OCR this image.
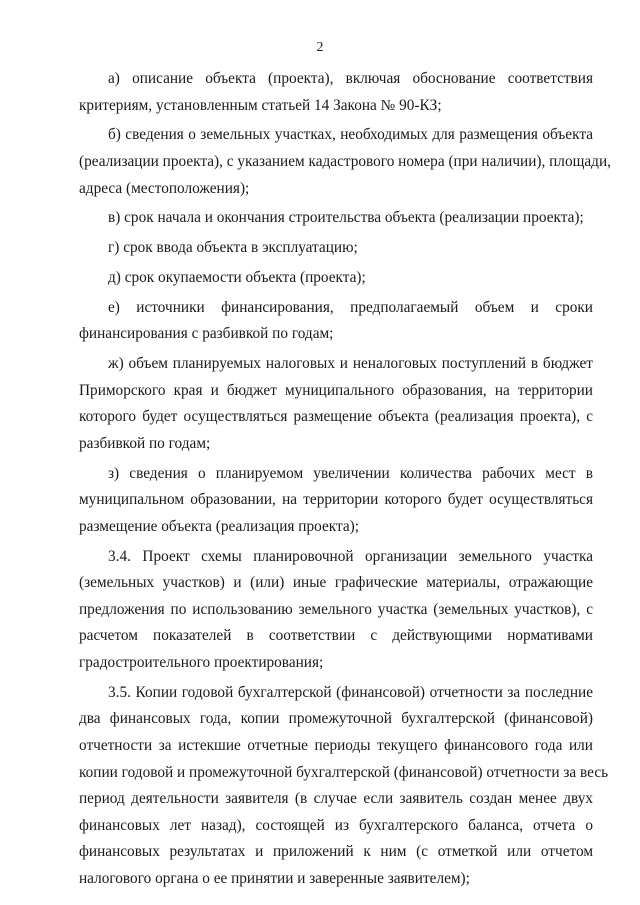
2
а) описание объекта (проекта), включая обоснование соответствия
критериям, установленным статьей 14 Закона № 90-КЗ;
б) сведения о земельных участках, необходимых для размещения объекта
(реализации проекта), с указанием кадастрового номера (при наличии), площади,
адреса (местоположения);
в) срок начала и окончания строительства объекта (реализации проекта);
г) срок ввода объекта в эксплуатацию;
д) срок окупаемости объекта (проекта);
е) источники финансирования, предполагаемый объем и сроки
финансирования с разбивкой по годам;
ж) объем планируемых налоговых и неналоговых поступлений в бюджет
Приморского края и бюджет муниципального образования, на территории
которого будет осуществляться размещение объекта (реализация проекта), с
разбивкой по годам;
з) сведения о планируемом увеличении количества рабочих мест в
муниципальном образовании, на территории которого будет осуществляться
размещение объекта (реализация проекта);
3.4. Проект схемы планировочной организации земельного участка
(земельных участков) и (или) иные графические материалы, отражающие
предложения по использованию земельного участка (земельных участков), с
расчетом показателей в соответствии с действующими нормативами
градостроительного проектирования;
3.5. Копии годовой бухгалтерской (финансовой) отчетности за последние
два финансовых года, копии промежуточной бухгалтерской (финансовой)
отчетности за истекшие отчетные периоды текущего финансового года или
копии годовой и промежуточной бухгалтерской (финансовой) отчетности за весь
период деятельности заявителя (в случае если заявитель создан менее двух
финансовых лет назад), состоящей из бухгалтерского баланса, отчета о
финансовых результатах и приложений к ним (с отметкой или отчетом
налогового органа о ее принятии и заверенные заявителем);
